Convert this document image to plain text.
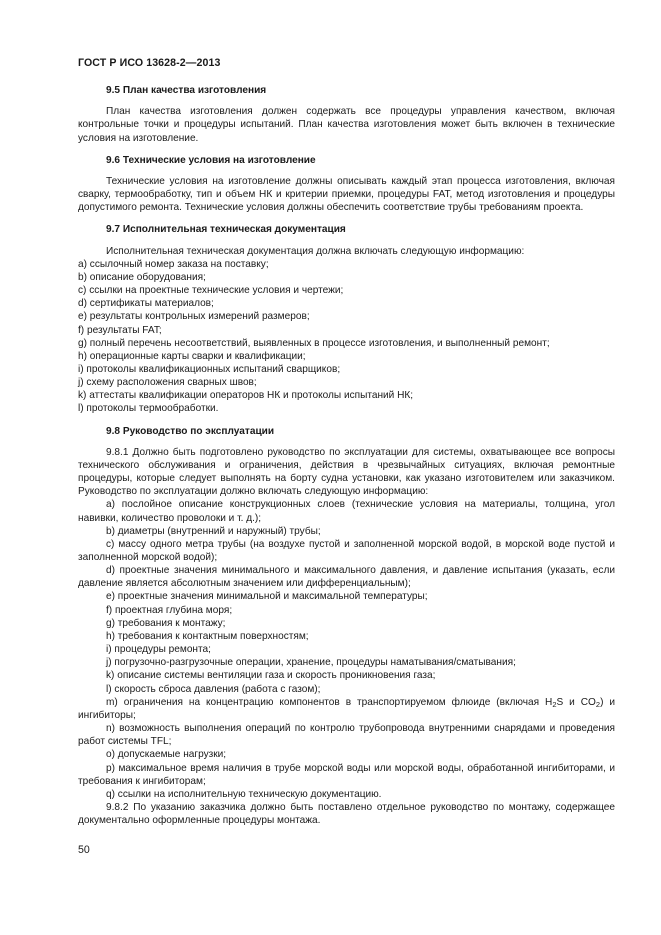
ГОСТ Р ИСО 13628-2—2013
9.5 План качества изготовления

План качества изготовления должен содержать все процедуры управления качеством, включая контрольные точки и процедуры испытаний. План качества изготовления может быть включен в технические условия на изготовление.

9.6 Технические условия на изготовление

Технические условия на изготовление должны описывать каждый этап процесса изготовления, включая сварку, термообработку, тип и объем НК и критерии приемки, процедуры FAT, метод изготовления и процедуры допустимого ремонта. Технические условия должны обеспечить соответствие трубы требованиям проекта.

9.7 Исполнительная техническая документация

Исполнительная техническая документация должна включать следующую информацию:

a) ссылочный номер заказа на поставку;

b) описание оборудования;

c) ссылки на проектные технические условия и чертежи;

d) сертификаты материалов;

e) результаты контрольных измерений размеров;

f) результаты FAT;

g) полный перечень несоответствий, выявленных в процессе изготовления, и выполненный ремонт;

h) операционные карты сварки и квалификации;

i) протоколы квалификационных испытаний сварщиков;

j) схему расположения сварных швов;

k) аттестаты квалификации операторов НК и протоколы испытаний НК;

l) протоколы термообработки.

9.8 Руководство по эксплуатации

9.8.1 Должно быть подготовлено руководство по эксплуатации для системы, охватывающее все вопросы технического обслуживания и ограничения, действия в чрезвычайных ситуациях, включая ремонтные процедуры, которые следует выполнять на борту судна установки, как указано изготовителем или заказчиком. Руководство по эксплуатации должно включать следующую информацию:

a) послойное описание конструкционных слоев (технические условия на материалы, толщина, угол навивки, количество проволоки и т. д.);

b) диаметры (внутренний и наружный) трубы;

c) массу одного метра трубы (на воздухе пустой и заполненной морской водой, в морской воде пустой и заполненной морской водой);

d) проектные значения минимального и максимального давления, и давление испытания (указать, если давление является абсолютным значением или дифференциальным);

e) проектные значения минимальной и максимальной температуры;

f) проектная глубина моря;

g) требования к монтажу;

h) требования к контактным поверхностям;

i) процедуры ремонта;

j) погрузочно-разгрузочные операции, хранение, процедуры наматывания/сматывания;

k) описание системы вентиляции газа и скорость проникновения газа;

l) скорость сброса давления (работа с газом);

m) ограничения на концентрацию компонентов в транспортируемом флюиде (включая $H_2S$ и $CO_2$) и ингибиторы;

n) возможность выполнения операций по контролю трубопровода внутренними снарядами и проведения работ системы TFL;

o) допускаемые нагрузки;

p) максимальное время наличия в трубе морской воды или морской воды, обработанной ингибиторами, и требования к ингибиторам;

q) ссылки на исполнительную техническую документацию.

9.8.2 По указанию заказчика должно быть поставлено отдельное руководство по монтажу, содержащее документально оформленные процедуры монтажа.

50
